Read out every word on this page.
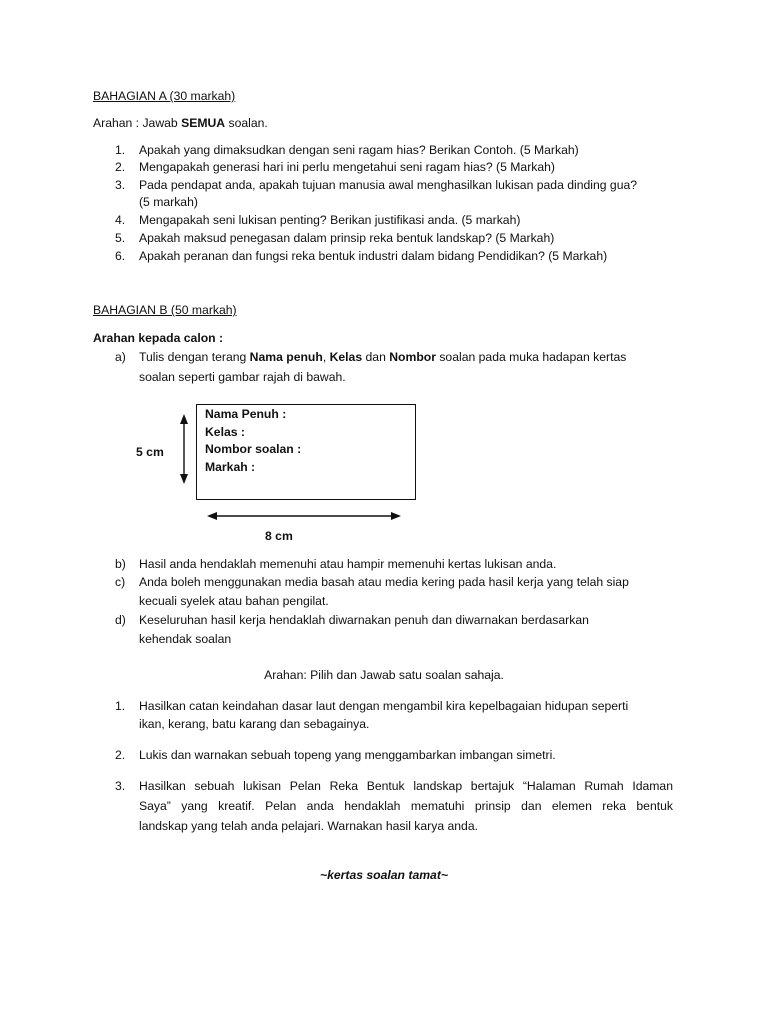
BAHAGIAN A (30 markah)
Arahan : Jawab SEMUA soalan.
1.	Apakah yang dimaksudkan dengan seni ragam hias? Berikan Contoh. (5 Markah)
2.	Mengapakah generasi hari ini perlu mengetahui seni ragam hias? (5 Markah)
3.	Pada pendapat anda, apakah tujuan manusia awal menghasilkan lukisan pada dinding gua?
(5 markah)
4.	Mengapakah seni lukisan penting? Berikan justifikasi anda. (5 markah)
5.	Apakah maksud penegasan dalam prinsip reka bentuk landskap? (5 Markah)
6.	Apakah peranan dan fungsi reka bentuk industri dalam bidang Pendidikan? (5 Markah)
BAHAGIAN B (50 markah)
Arahan kepada calon :
a)	Tulis dengan terang Nama penuh, Kelas dan Nombor soalan pada muka hadapan kertas
soalan seperti gambar rajah di bawah.
Nama Penuh :
Kelas :
Nombor soalan :
Markah :
5 cm
8 cm
b)	Hasil anda hendaklah memenuhi atau hampir memenuhi kertas lukisan anda.
c)	Anda boleh menggunakan media basah atau media kering pada hasil kerja yang telah siap
kecuali syelek atau bahan pengilat.
d)	Keseluruhan hasil kerja hendaklah diwarnakan penuh dan diwarnakan berdasarkan
kehendak soalan
Arahan: Pilih dan Jawab satu soalan sahaja.
1.	Hasilkan catan keindahan dasar laut dengan mengambil kira kepelbagaian hidupan seperti
ikan, kerang, batu karang dan sebagainya.
2.	Lukis dan warnakan sebuah topeng yang menggambarkan imbangan simetri.
3.	Hasilkan sebuah lukisan Pelan Reka Bentuk landskap bertajuk “Halaman Rumah Idaman
Saya” yang kreatif. Pelan anda hendaklah mematuhi prinsip dan elemen reka bentuk
landskap yang telah anda pelajari. Warnakan hasil karya anda.
~kertas soalan tamat~
